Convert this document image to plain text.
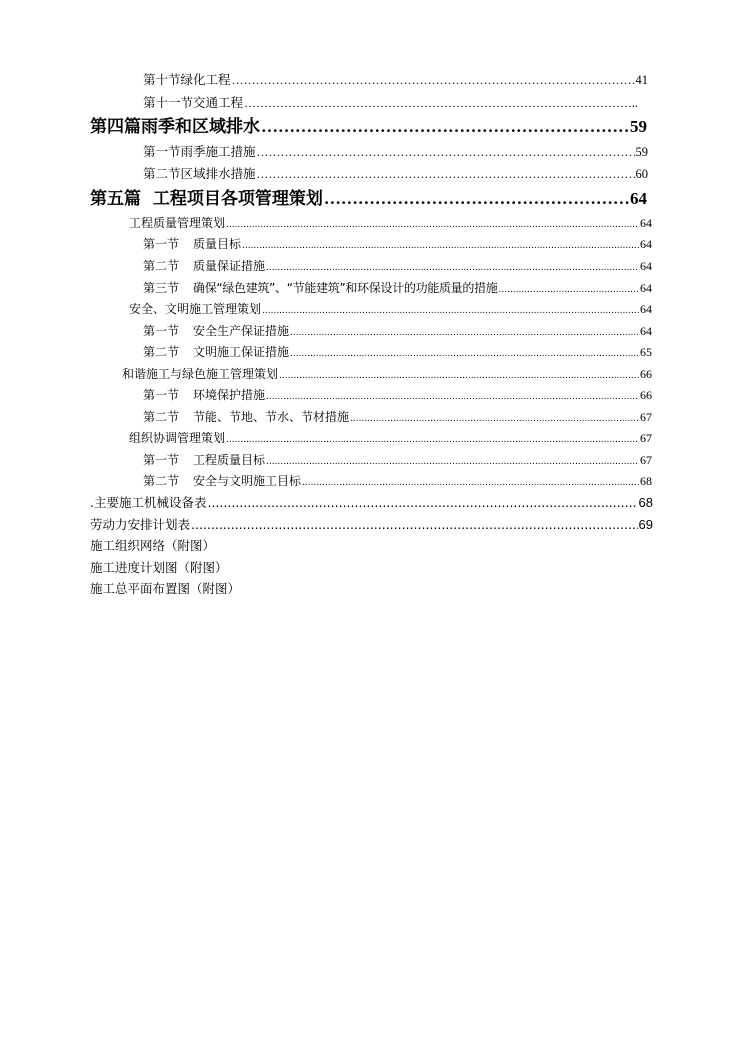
第十节绿化工程 ………………………………………………………………………………………………………………………………………………………………	41
第十一节交通工程 ………………………………………………………………………………………………………………………………………………………………	..
第四篇雨季和区域排水 …………………………………………………………………………………………………………………………	59
第一节雨季施工措施 ………………………………………………………………………………………………………………………………………………………………	59
第二节区域排水措施 ………………………………………………………………………………………………………………………………………………………………	60
第五篇  工程项目各项管理策划 …………………………………………………………………………………………………………………………	64
工程质量管理策划 .....	64
第一节 质量目标 .....	64
第二节 质量保证措施 .....	64
第三节 确保“绿色建筑”、“节能建筑”和环保设计的功能质量的措施 .....	64
安全、文明施工管理策划 .....	64
第一节 安全生产保证措施 .....	64
第二节 文明施工保证措施 .....	65
和谐施工与绿色施工管理策划 .....	66
第一节 环境保护措施 .....	66
第二节 节能、节地、节水、节材措施 .....	67
组织协调管理策划 .....	67
第一节 工程质量目标 .....	67
第二节 安全与文明施工目标 .....	68
.主要施工机械设备表 .....	68
劳动力安排计划表 .....	69
施工组织网络（附图）
施工进度计划图（附图）
施工总平面布置图（附图）
